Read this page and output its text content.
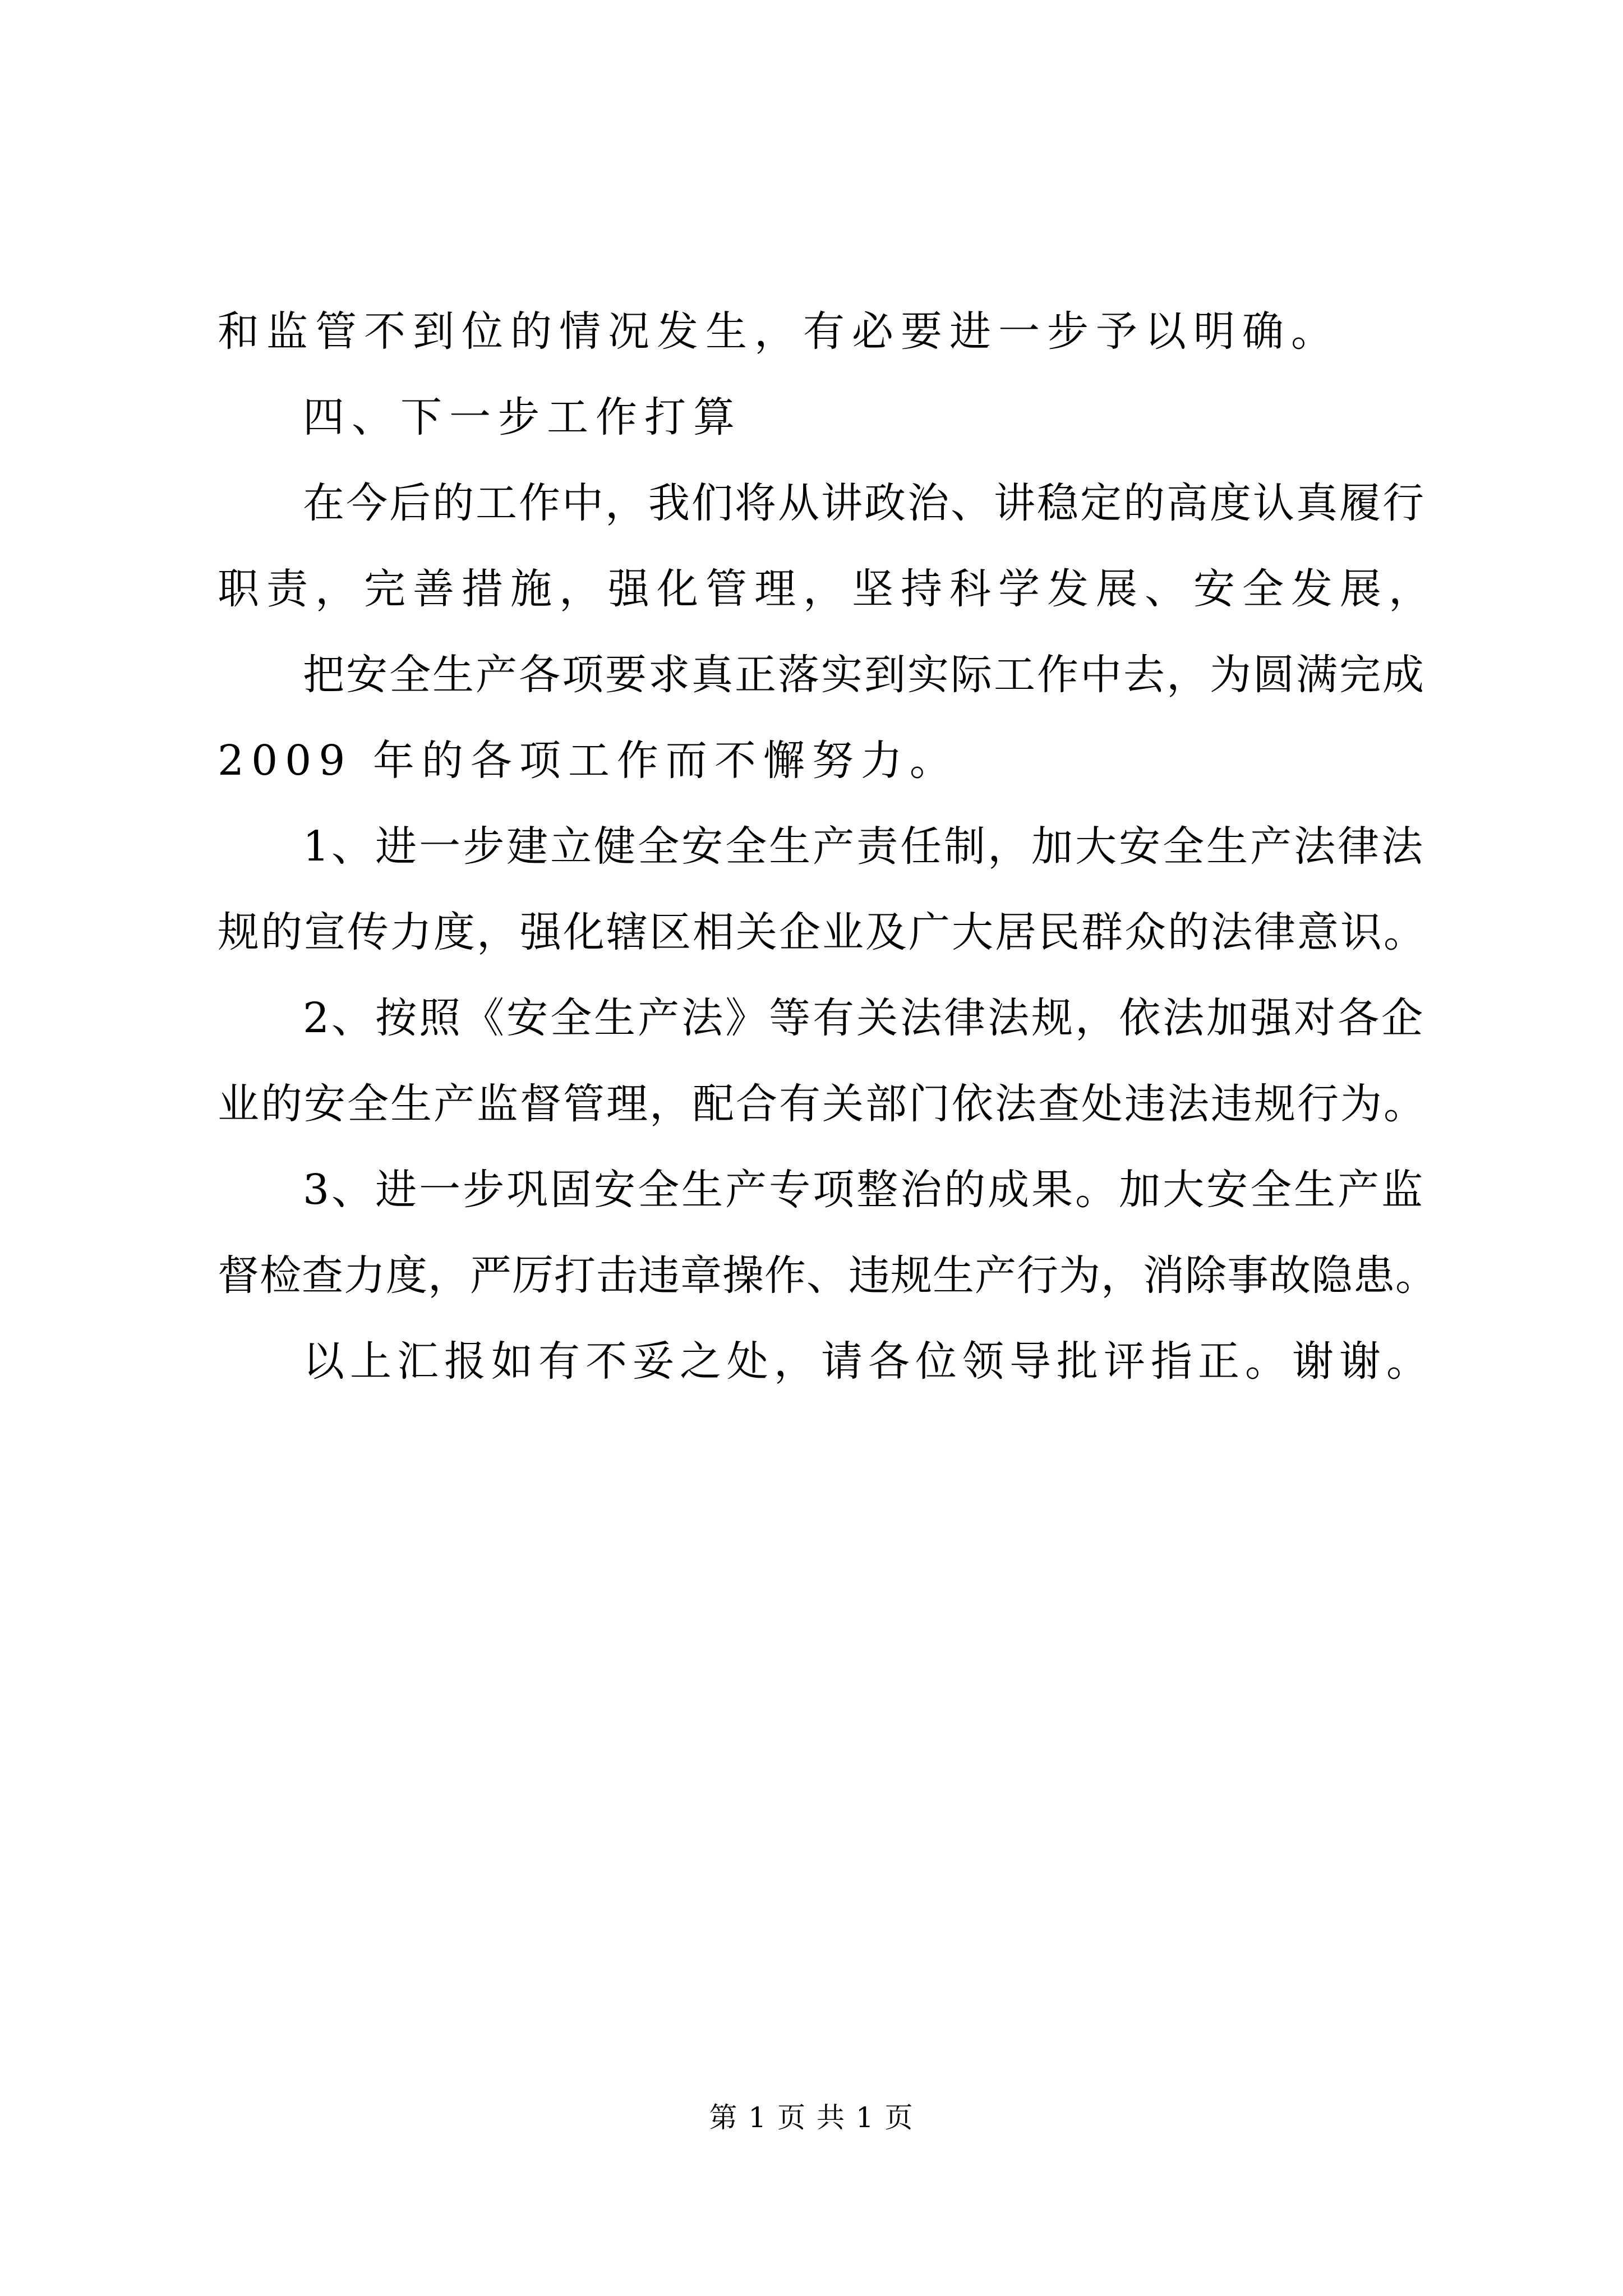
和监管不到位的情况发生，有必要进一步予以明确。
四、下一步工作打算
在今后的工作中，我们将从讲政治、讲稳定的高度认真履行
职责，完善措施，强化管理，坚持科学发展、安全发展，
把安全生产各项要求真正落实到实际工作中去，为圆满完成
2009 年的各项工作而不懈努力。
1、进一步建立健全安全生产责任制，加大安全生产法律法
规的宣传力度，强化辖区相关企业及广大居民群众的法律意识。
2、按照《安全生产法》等有关法律法规，依法加强对各企
业的安全生产监督管理，配合有关部门依法查处违法违规行为。
3、进一步巩固安全生产专项整治的成果。加大安全生产监
督检查力度，严厉打击违章操作、违规生产行为，消除事故隐患。
以上汇报如有不妥之处，请各位领导批评指正。谢谢。
第 1 页 共 1 页
